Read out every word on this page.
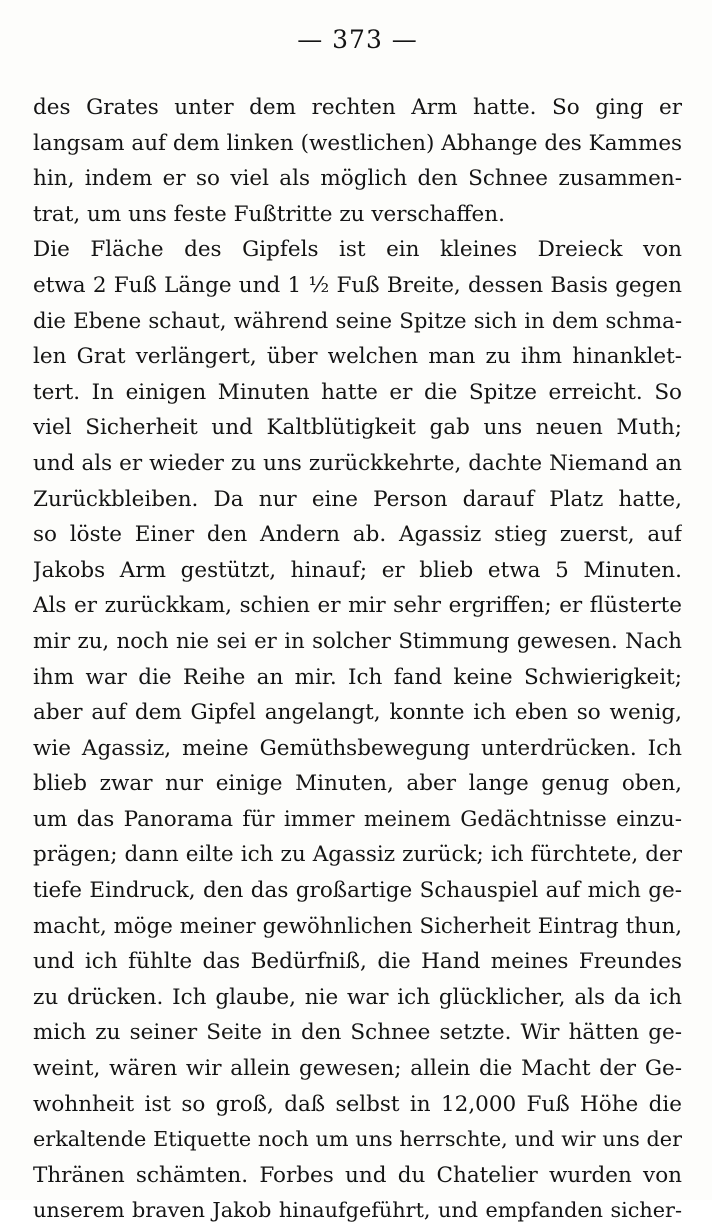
— 373 —
des Grates unter dem rechten Arm hatte. So ging er
langsam auf dem linken (westlichen) Abhange des Kammes
hin, indem er so viel als möglich den Schnee zusammen-
trat, um uns feste Fußtritte zu verschaffen.
Die Fläche des Gipfels ist ein kleines Dreieck von
etwa 2 Fuß Länge und 1 ½ Fuß Breite, dessen Basis gegen
die Ebene schaut, während seine Spitze sich in dem schma-
len Grat verlängert, über welchen man zu ihm hinanklet-
tert. In einigen Minuten hatte er die Spitze erreicht. So
viel Sicherheit und Kaltblütigkeit gab uns neuen Muth;
und als er wieder zu uns zurückkehrte, dachte Niemand an
Zurückbleiben. Da nur eine Person darauf Platz hatte,
so löste Einer den Andern ab. Agassiz stieg zuerst, auf
Jakobs Arm gestützt, hinauf; er blieb etwa 5 Minuten.
Als er zurückkam, schien er mir sehr ergriffen; er flüsterte
mir zu, noch nie sei er in solcher Stimmung gewesen. Nach
ihm war die Reihe an mir. Ich fand keine Schwierigkeit;
aber auf dem Gipfel angelangt, konnte ich eben so wenig,
wie Agassiz, meine Gemüthsbewegung unterdrücken. Ich
blieb zwar nur einige Minuten, aber lange genug oben,
um das Panorama für immer meinem Gedächtnisse einzu-
prägen; dann eilte ich zu Agassiz zurück; ich fürchtete, der
tiefe Eindruck, den das großartige Schauspiel auf mich ge-
macht, möge meiner gewöhnlichen Sicherheit Eintrag thun,
und ich fühlte das Bedürfniß, die Hand meines Freundes
zu drücken. Ich glaube, nie war ich glücklicher, als da ich
mich zu seiner Seite in den Schnee setzte. Wir hätten ge-
weint, wären wir allein gewesen; allein die Macht der Ge-
wohnheit ist so groß, daß selbst in 12,000 Fuß Höhe die
erkaltende Etiquette noch um uns herrschte, und wir uns der
Thränen schämten. Forbes und du Chatelier wurden von
unserem braven Jakob hinaufgeführt, und empfanden sicher-
